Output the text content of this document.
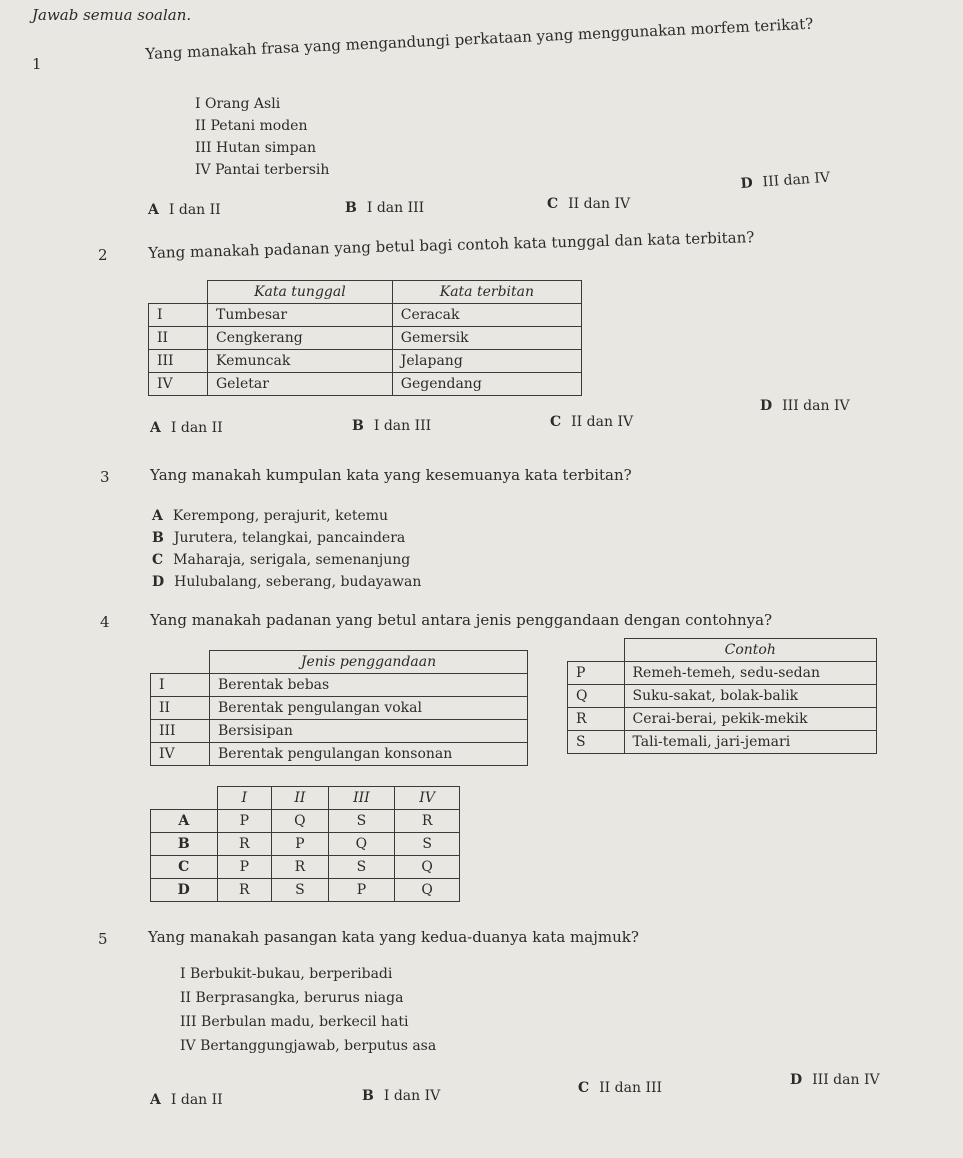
Jawab semua soalan.
1
Yang manakah frasa yang mengandungi perkataan yang menggunakan morfem terikat?
I Orang Asli
II Petani moden
III Hutan simpan
IV Pantai terbersih
A I dan II	B I dan III	C II dan IV
D III dan IV
2	Yang manakah padanan yang betul bagi contoh kata tunggal dan kata terbitan?
	Kata tunggal	Kata terbitan
I	Tumbesar	Ceracak
II	Cengkerang	Gemersik
III	Kemuncak	Jelapang
IV	Geletar	Gegendang
A I dan II	B I dan III	C II dan IV
D III dan IV
3	Yang manakah kumpulan kata yang kesemuanya kata terbitan?
A Kerempong, perajurit, ketemu
B Jurutera, telangkai, pancaindera
C Maharaja, serigala, semenanjung
D Hulubalang, seberang, budayawan
4	Yang manakah padanan yang betul antara jenis penggandaan dengan contohnya?
	Jenis penggandaan
I	Berentak bebas
II	Berentak pengulangan vokal
III	Bersisipan
IV	Berentak pengulangan konsonan
	Contoh
P	Remeh-temeh, sedu-sedan
Q	Suku-sakat, bolak-balik
R	Cerai-berai, pekik-mekik
S	Tali-temali, jari-jemari
	I	II	III	IV
A	P	Q	S	R
B	R	P	Q	S
C	P	R	S	Q
D	R	S	P	Q
5	Yang manakah pasangan kata yang kedua-duanya kata majmuk?
I Berbukit-bukau, berperibadi
II Berprasangka, berurus niaga
III Berbulan madu, berkecil hati
IV Bertanggungjawab, berputus asa
A I dan II	B I dan IV	C II dan III	D III dan IV
